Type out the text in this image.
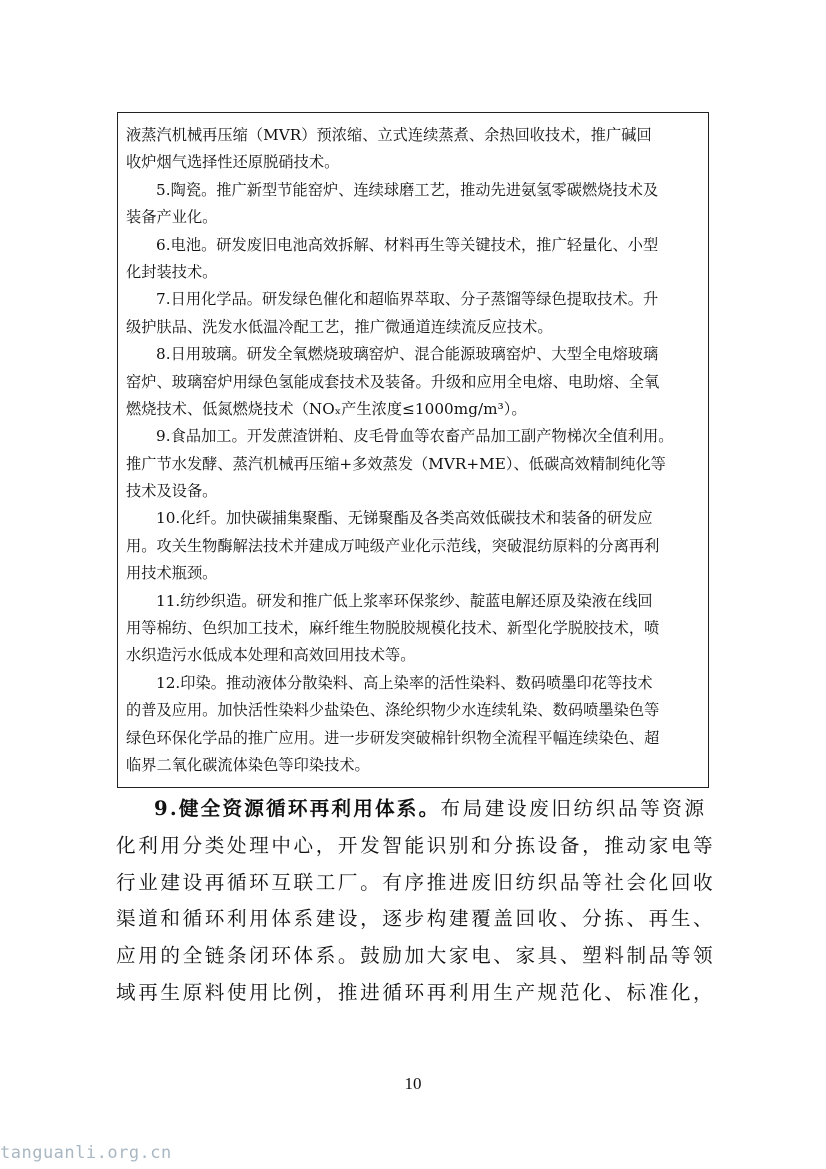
液蒸汽机械再压缩（MVR）预浓缩、立式连续蒸煮、余热回收技术，推广碱回
收炉烟气选择性还原脱硝技术。
5.陶瓷。推广新型节能窑炉、连续球磨工艺，推动先进氨氢零碳燃烧技术及
装备产业化。
6.电池。研发废旧电池高效拆解、材料再生等关键技术，推广轻量化、小型
化封装技术。
7.日用化学品。研发绿色催化和超临界萃取、分子蒸馏等绿色提取技术。升
级护肤品、洗发水低温冷配工艺，推广微通道连续流反应技术。
8.日用玻璃。研发全氧燃烧玻璃窑炉、混合能源玻璃窑炉、大型全电熔玻璃
窑炉、玻璃窑炉用绿色氢能成套技术及装备。升级和应用全电熔、电助熔、全氧
燃烧技术、低氮燃烧技术（NOₓ产生浓度≤1000mg/m³）。
9.食品加工。开发蔗渣饼粕、皮毛骨血等农畜产品加工副产物梯次全值利用。
推广节水发酵、蒸汽机械再压缩+多效蒸发（MVR+ME）、低碳高效精制纯化等
技术及设备。
10.化纤。加快碳捕集聚酯、无锑聚酯及各类高效低碳技术和装备的研发应
用。攻关生物酶解法技术并建成万吨级产业化示范线，突破混纺原料的分离再利
用技术瓶颈。
11.纺纱织造。研发和推广低上浆率环保浆纱、靛蓝电解还原及染液在线回
用等棉纺、色织加工技术，麻纤维生物脱胶规模化技术、新型化学脱胶技术，喷
水织造污水低成本处理和高效回用技术等。
12.印染。推动液体分散染料、高上染率的活性染料、数码喷墨印花等技术
的普及应用。加快活性染料少盐染色、涤纶织物少水连续轧染、数码喷墨染色等
绿色环保化学品的推广应用。进一步研发突破棉针织物全流程平幅连续染色、超
临界二氧化碳流体染色等印染技术。
9.健全资源循环再利用体系。布局建设废旧纺织品等资源
化利用分类处理中心，开发智能识别和分拣设备，推动家电等
行业建设再循环互联工厂。有序推进废旧纺织品等社会化回收
渠道和循环利用体系建设，逐步构建覆盖回收、分拣、再生、
应用的全链条闭环体系。鼓励加大家电、家具、塑料制品等领
域再生原料使用比例，推进循环再利用生产规范化、标准化，
10
tanguanli.org.cn
